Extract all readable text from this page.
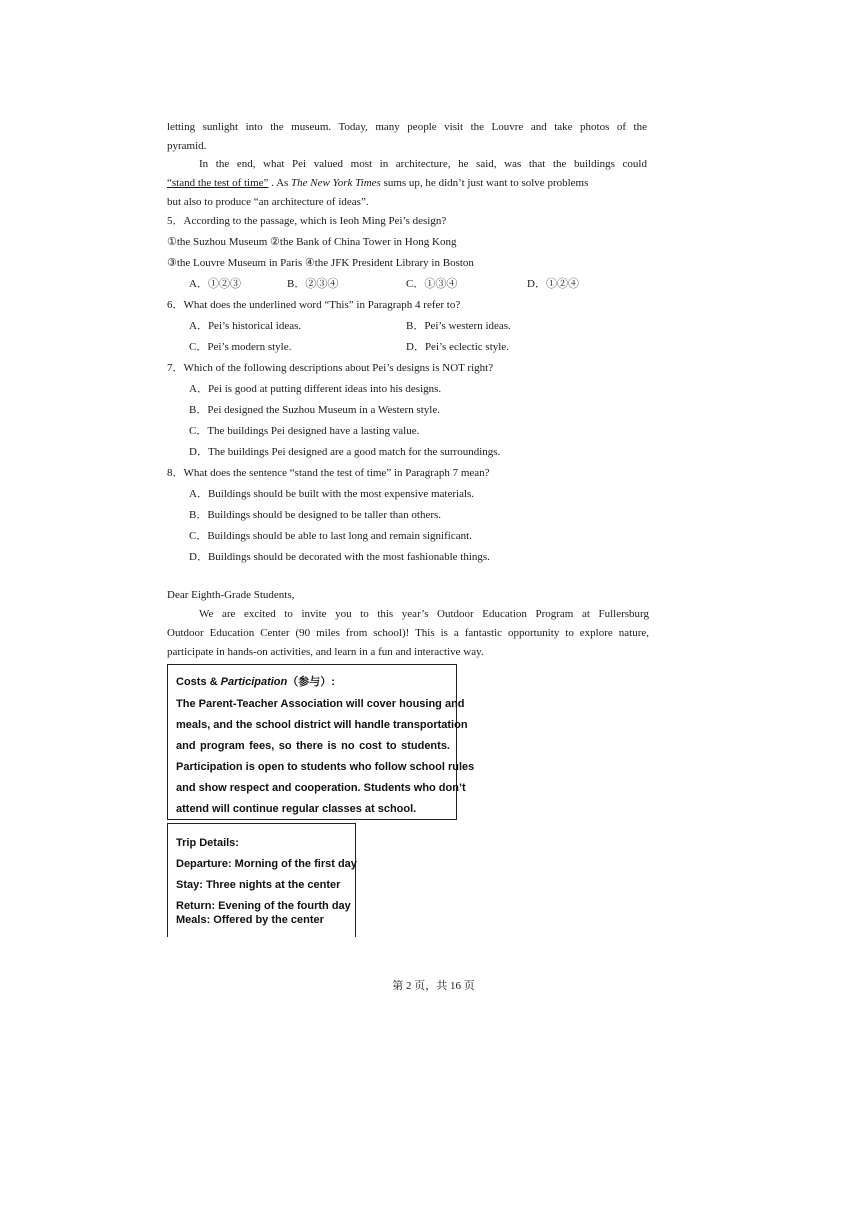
letting sunlight into the museum. Today, many people visit the Louvre and take photos of the
pyramid.
In the end, what Pei valued most in architecture, he said, was that the buildings could
“stand the test of time” . As The New York Times sums up, he didn’t just want to solve problems
but also to produce “an architecture of ideas”.
5．According to the passage, which is Ieoh Ming Pei’s design?
①the Suzhou Museum ②the Bank of China Tower in Hong Kong
③the Louvre Museum in Paris ④the JFK President Library in Boston
A．①②③	B．②③④	C．①③④	D．①②④
6．What does the underlined word “This” in Paragraph 4 refer to?
A．Pei’s historical ideas.	B．Pei’s western ideas.
C．Pei’s modern style.	D．Pei’s eclectic style.
7．Which of the following descriptions about Pei’s designs is NOT right?
A．Pei is good at putting different ideas into his designs.
B．Pei designed the Suzhou Museum in a Western style.
C．The buildings Pei designed have a lasting value.
D．The buildings Pei designed are a good match for the surroundings.
8．What does the sentence “stand the test of time” in Paragraph 7 mean?
A．Buildings should be built with the most expensive materials.
B．Buildings should be designed to be taller than others.
C．Buildings should be able to last long and remain significant.
D．Buildings should be decorated with the most fashionable things.
Dear Eighth-Grade Students,
We are excited to invite you to this year’s Outdoor Education Program at Fullersburg
Outdoor Education Center (90 miles from school)! This is a fantastic opportunity to explore nature,
participate in hands-on activities, and learn in a fun and interactive way.
Costs & Participation（参与）:
The Parent-Teacher Association will cover housing and
meals, and the school district will handle transportation
and program fees, so there is no cost to students.
Participation is open to students who follow school rules
and show respect and cooperation. Students who don’t
attend will continue regular classes at school.
Trip Details:
Departure: Morning of the first day
Stay: Three nights at the center
Return: Evening of the fourth day
Meals: Offered by the center
第 2 页，共 16 页
